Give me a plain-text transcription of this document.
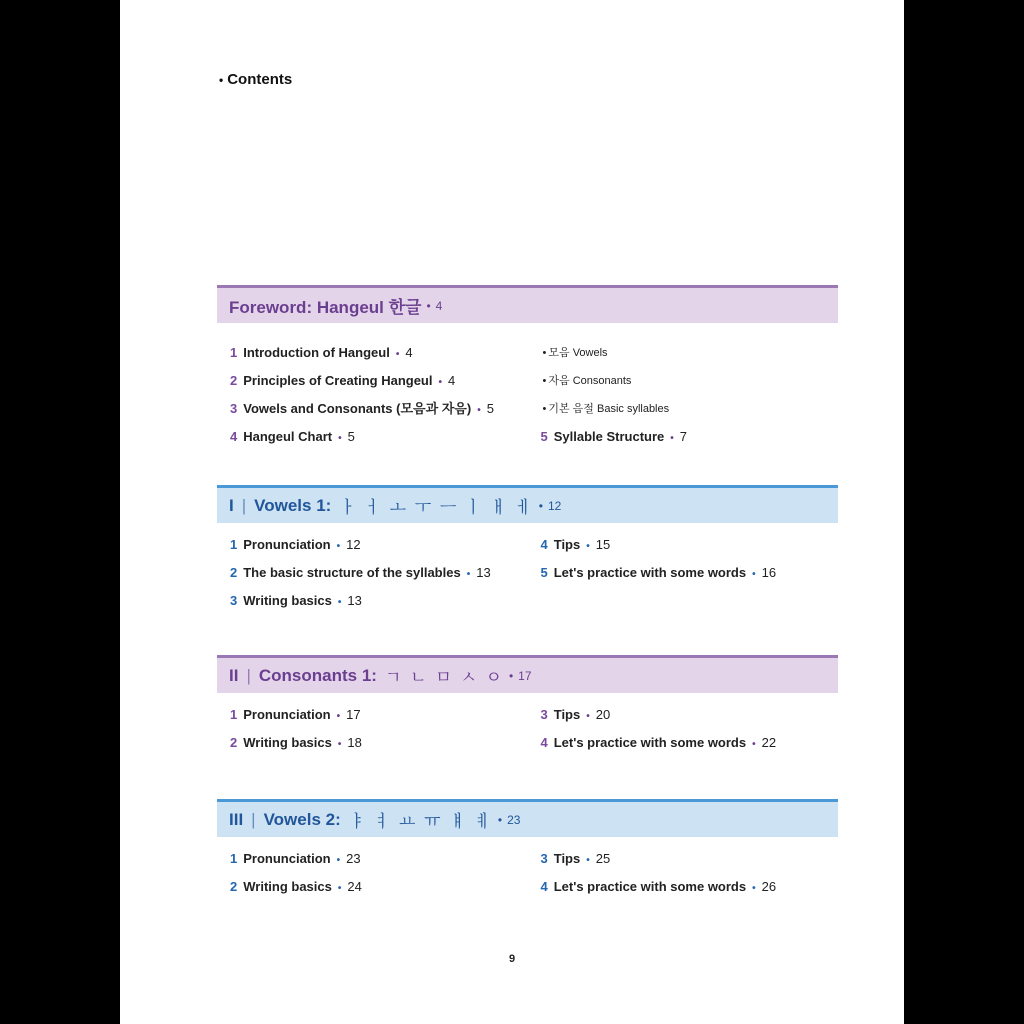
• Contents
Foreword: Hangeul 한글 • 4
1 Introduction of Hangeul • 4
2 Principles of Creating Hangeul • 4
3 Vowels and Consonants (모음과 자음) • 5
4 Hangeul Chart • 5
• 모음 Vowels
• 자음 Consonants
• 기본 음절 Basic syllables
5 Syllable Structure • 7
I | Vowels 1: ㅏ ㅓ ㅗ ㅜ ㅡ ㅣ ㅐ ㅔ • 12
1 Pronunciation • 12
2 The basic structure of the syllables • 13
3 Writing basics • 13
4 Tips • 15
5 Let's practice with some words • 16
II | Consonants 1: ㄱ ㄴ ㅁ ㅅ ㅇ • 17
1 Pronunciation • 17
2 Writing basics • 18
3 Tips • 20
4 Let's practice with some words • 22
III | Vowels 2: ㅑ ㅕ ㅛ ㅠ ㅒ ㅖ • 23
1 Pronunciation • 23
2 Writing basics • 24
3 Tips • 25
4 Let's practice with some words • 26
9
